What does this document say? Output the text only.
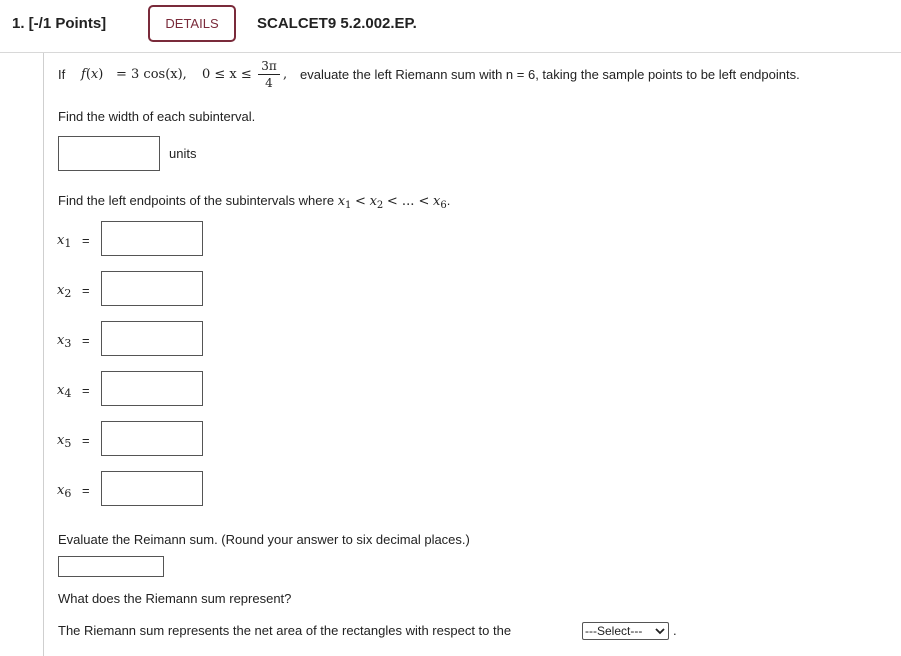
1. [-/1 Points]	DETAILS	SCALCET9 5.2.002.EP.
If f(x) = 3 cos(x), 0 ≤ x ≤
3π
4
, evaluate the left Riemann sum with n = 6, taking the sample points to be left endpoints.
Find the width of each subinterval.
units
Find the left endpoints of the subintervals where $x_1 < x_2$ < ... < $x_6$.
$x_1$ =
$x_2$ =
$x_3$ =
$x_4$ =
$x_5$ =
$x_6$ =
Evaluate the Reimann sum. (Round your answer to six decimal places.)
What does the Riemann sum represent?
The Riemann sum represents the net area of the rectangles with respect to the	---Select---	.
